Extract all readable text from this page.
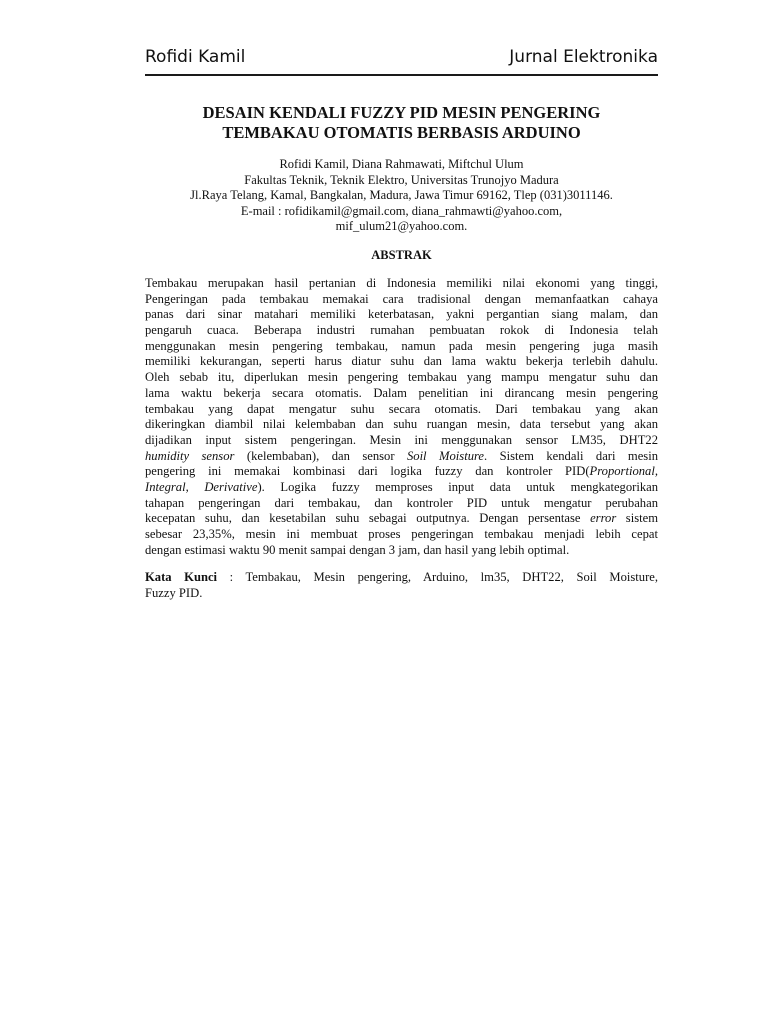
Rofidi Kamil	Jurnal Elektronika
DESAIN KENDALI FUZZY PID MESIN PENGERING
TEMBAKAU OTOMATIS BERBASIS ARDUINO
Rofidi Kamil, Diana Rahmawati, Miftchul Ulum
Fakultas Teknik, Teknik Elektro, Universitas Trunojyo Madura
Jl.Raya Telang, Kamal, Bangkalan, Madura, Jawa Timur 69162, Tlep (031)3011146.
E-mail : rofidikamil@gmail.com, diana_rahmawti@yahoo.com,
mif_ulum21@yahoo.com.
ABSTRAK
Tembakau merupakan hasil pertanian di Indonesia memiliki nilai ekonomi yang tinggi,
Pengeringan pada tembakau memakai cara tradisional dengan memanfaatkan cahaya
panas dari sinar matahari memiliki keterbatasan, yakni pergantian siang malam, dan
pengaruh cuaca. Beberapa industri rumahan pembuatan rokok di Indonesia telah
menggunakan mesin pengering tembakau, namun pada mesin pengering juga masih
memiliki kekurangan, seperti harus diatur suhu dan lama waktu bekerja terlebih dahulu.
Oleh sebab itu, diperlukan mesin pengering tembakau yang mampu mengatur suhu dan
lama waktu bekerja secara otomatis. Dalam penelitian ini dirancang mesin pengering
tembakau yang dapat mengatur suhu secara otomatis. Dari tembakau yang akan
dikeringkan diambil nilai kelembaban dan suhu ruangan mesin, data tersebut yang akan
dijadikan input sistem pengeringan. Mesin ini menggunakan sensor LM35, DHT22
humidity sensor (kelembaban), dan sensor Soil Moisture. Sistem kendali dari mesin
pengering ini memakai kombinasi dari logika fuzzy dan kontroler PID(Proportional,
Integral, Derivative). Logika fuzzy memproses input data untuk mengkategorikan
tahapan pengeringan dari tembakau, dan kontroler PID untuk mengatur perubahan
kecepatan suhu, dan kesetabilan suhu sebagai outputnya. Dengan persentase error sistem
sebesar 23,35%, mesin ini membuat proses pengeringan tembakau menjadi lebih cepat
dengan estimasi waktu 90 menit sampai dengan 3 jam, dan hasil yang lebih optimal.
Kata Kunci : Tembakau, Mesin pengering, Arduino, lm35, DHT22, Soil Moisture,
Fuzzy PID.
